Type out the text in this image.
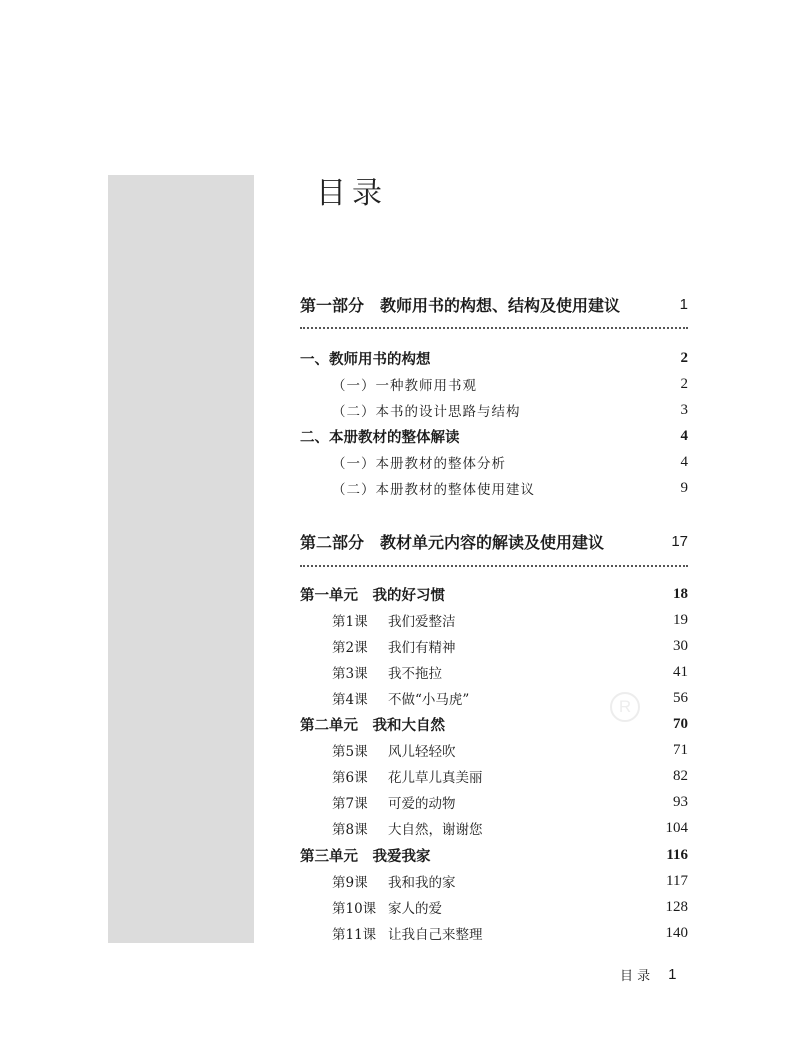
R
目录
第一部分　教师用书的构想、结构及使用建议	1
一、教师用书的构想	2
（一）一种教师用书观	2
（二）本书的设计思路与结构	3
二、本册教材的整体解读	4
（一）本册教材的整体分析	4
（二）本册教材的整体使用建议	9
第二部分　教材单元内容的解读及使用建议	17
第一单元　我的好习惯	18
第1课 我们爱整洁	19
第2课 我们有精神	30
第3课 我不拖拉	41
第4课 不做“小马虎”	56
第二单元　我和大自然	70
第5课 风儿轻轻吹	71
第6课 花儿草儿真美丽	82
第7课 可爱的动物	93
第8课 大自然，谢谢您	104
第三单元　我爱我家	116
第9课 我和我的家	117
第10课 家人的爱	128
第11课 让我自己来整理	140
目 录 1
